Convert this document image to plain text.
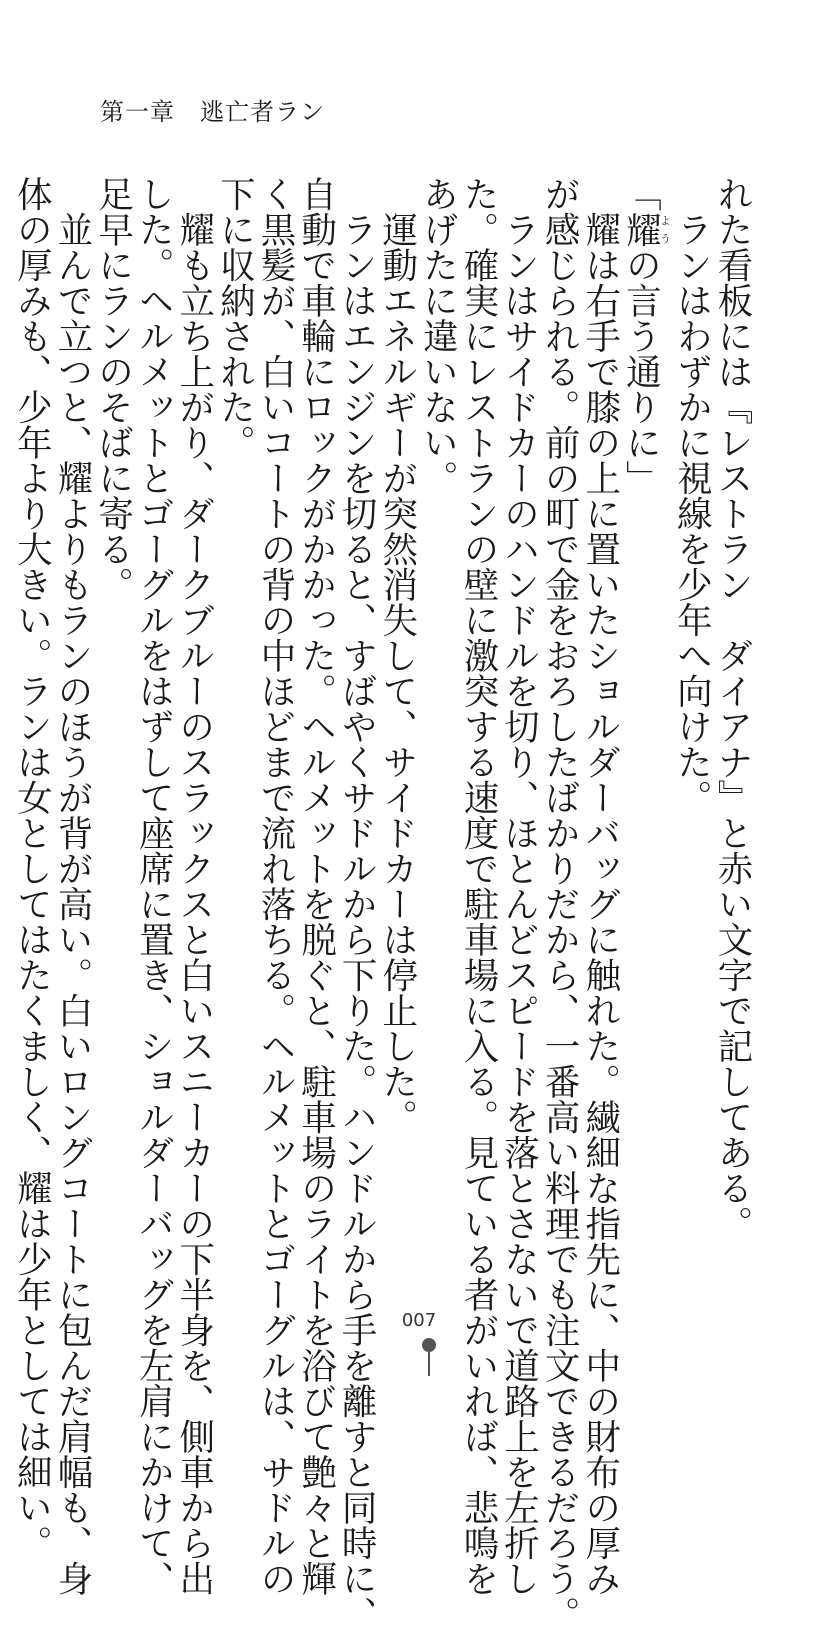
第一章　逃亡者ラン
れた看板には『レストラン　ダイアナ』と赤い文字で記してある。
　ランはわずかに視線を少年へ向けた。
「耀ようの言う通りに」
　耀は右手で膝の上に置いたショルダーバッグに触れた。繊細な指先に、中の財布の厚み
が感じられる。前の町で金をおろしたばかりだから、一番高い料理でも注文できるだろう。
　ランはサイドカーのハンドルを切り、ほとんどスピードを落とさないで道路上を左折し
た。確実にレストランの壁に激突する速度で駐車場に入る。見ている者がいれば、悲鳴を
あげたに違いない。
　運動エネルギーが突然消失して、サイドカーは停止した。
　ランはエンジンを切ると、すばやくサドルから下りた。ハンドルから手を離すと同時に、
自動で車輪にロックがかかった。ヘルメットを脱ぐと、駐車場のライトを浴びて艶々と輝
く黒髪が、白いコートの背の中ほどまで流れ落ちる。ヘルメットとゴーグルは、サドルの
下に収納された。
　耀も立ち上がり、ダークブルーのスラックスと白いスニーカーの下半身を、側車から出
した。ヘルメットとゴーグルをはずして座席に置き、ショルダーバッグを左肩にかけて、
足早にランのそばに寄る。
　並んで立つと、耀よりもランのほうが背が高い。白いロングコートに包んだ肩幅も、身
体の厚みも、少年より大きい。ランは女としてはたくましく、耀は少年としては細い。	007
